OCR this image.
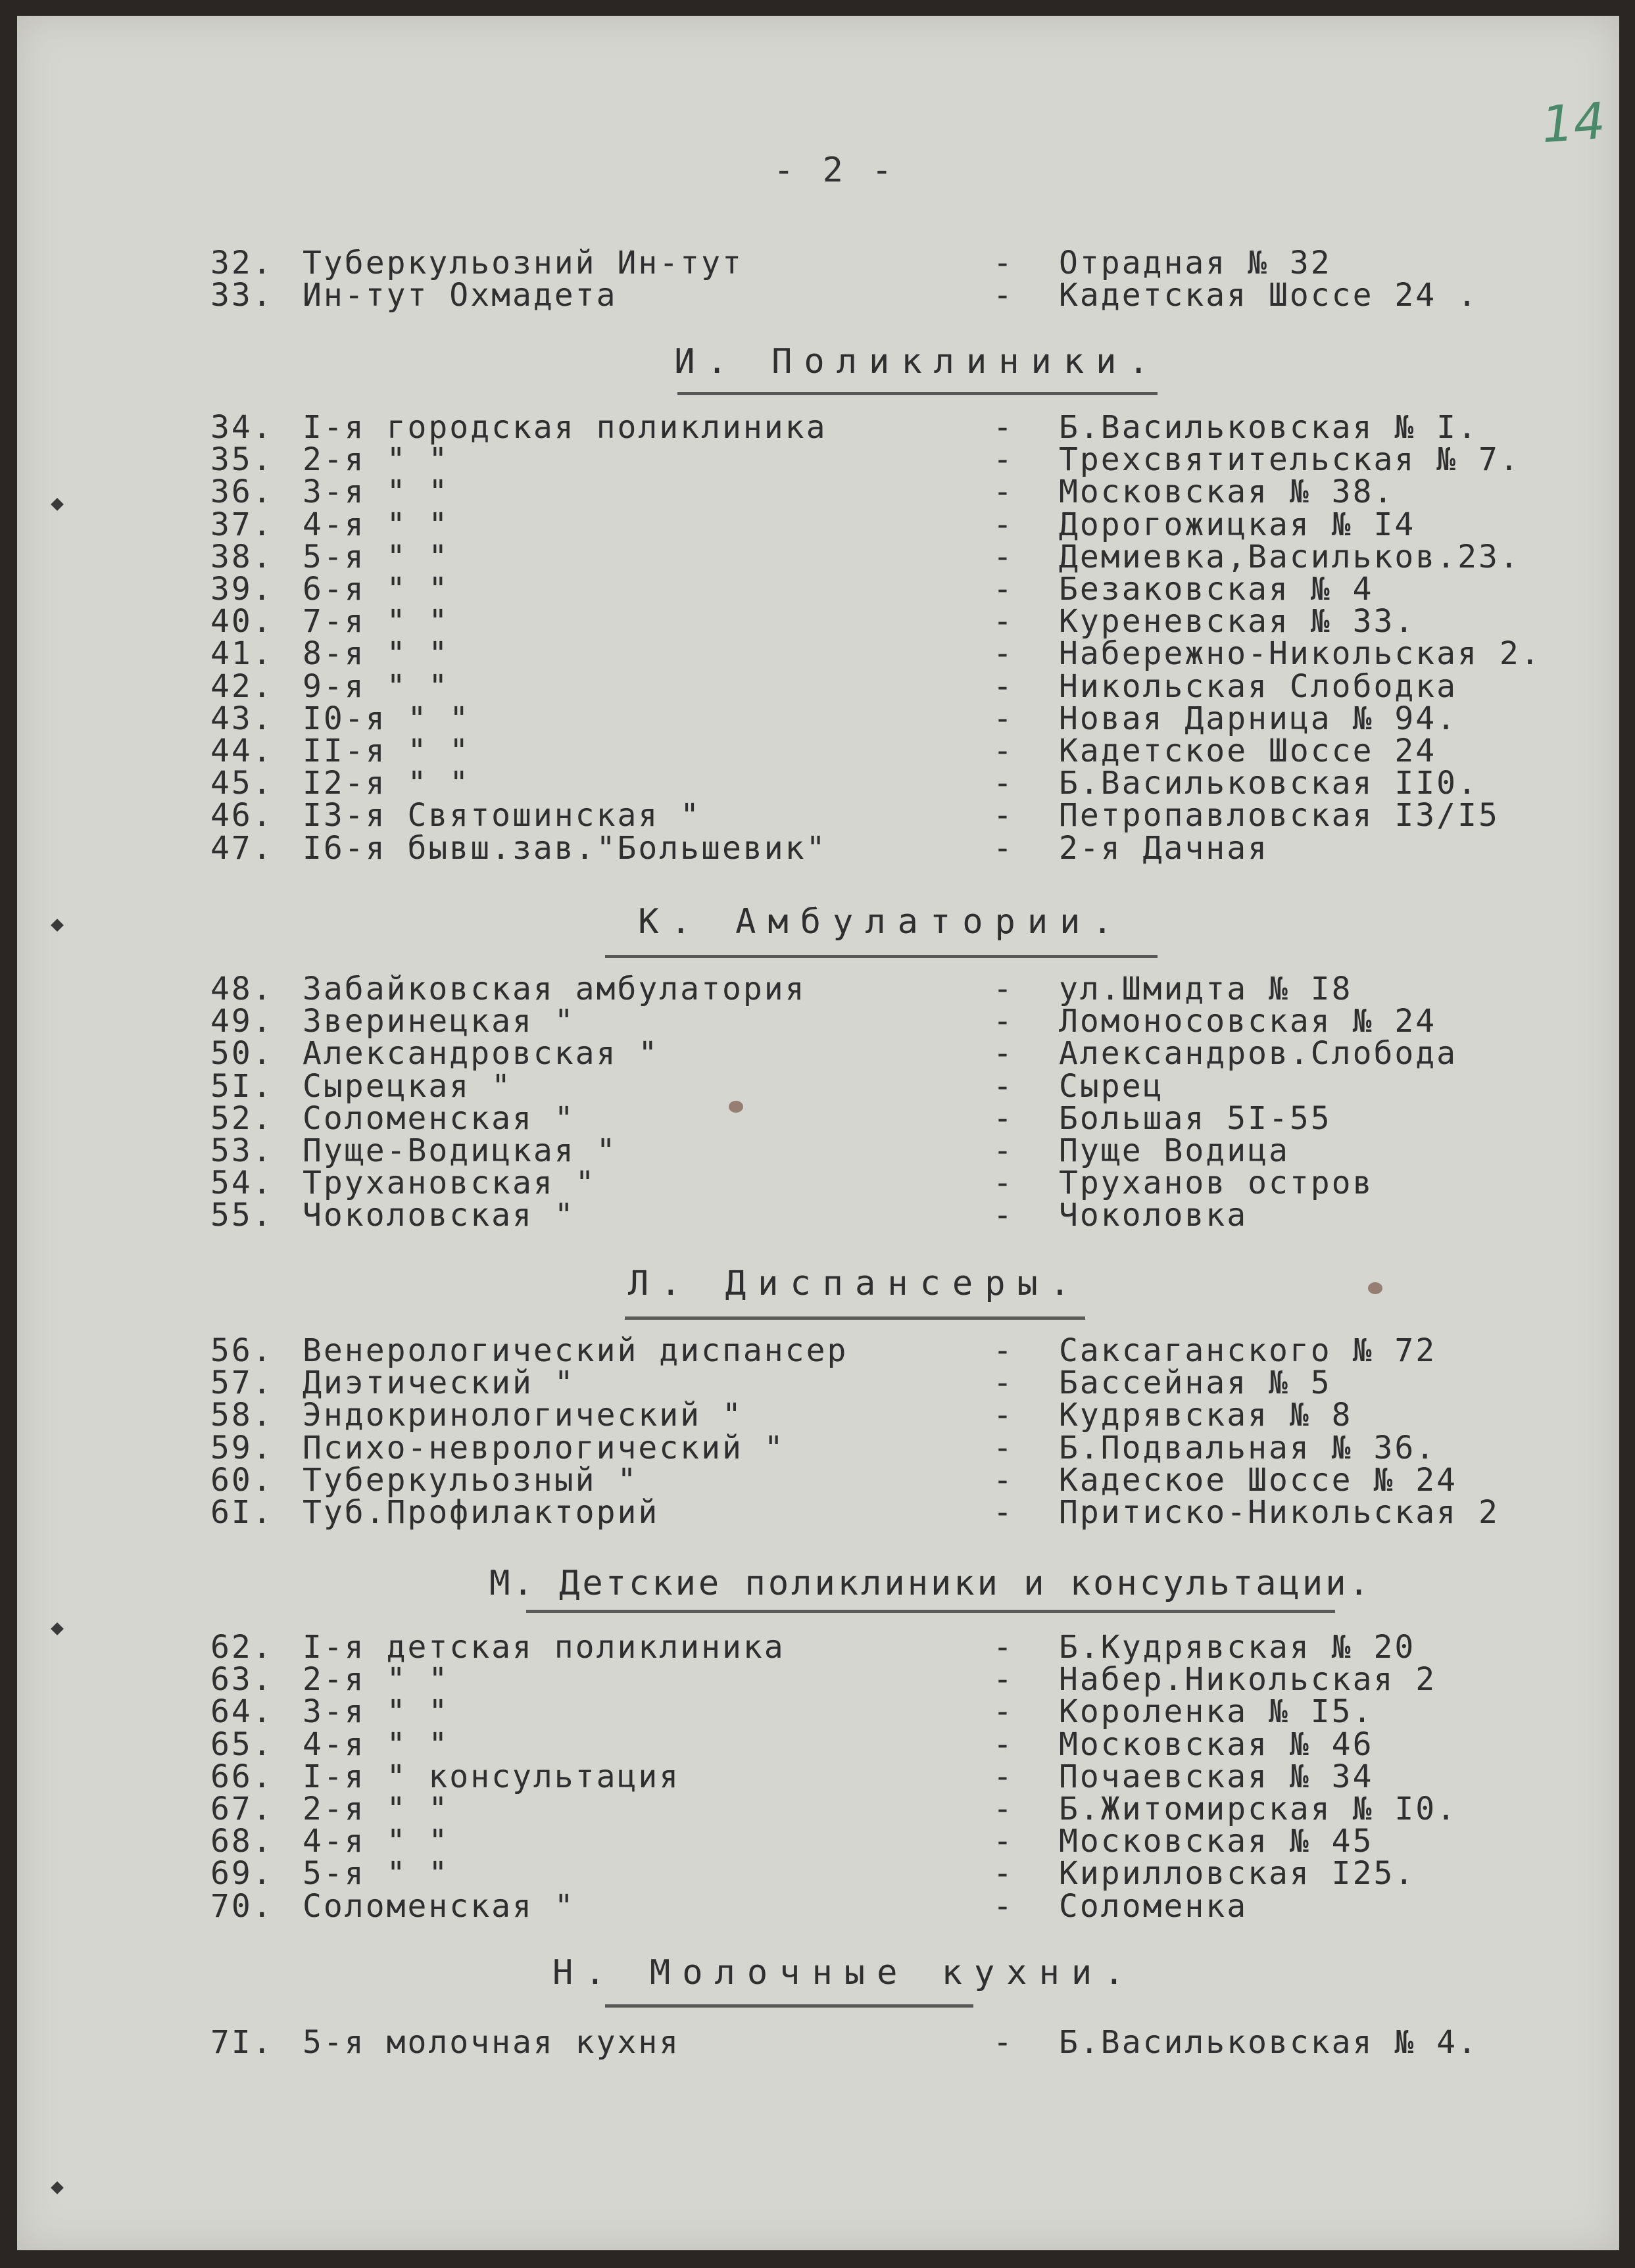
14
- 2 -
32. Туберкульозний Ин-тут	- Отрадная № 32
33. Ин-тут Охмадета	- Кадетская Шоссе 24 .
И. Поликлиники.
34. I-я городская поликлиника	- Б.Васильковская № I.
35. 2-я " "	- Трехсвятительская № 7.
36. 3-я " "	- Московская № 38.
37. 4-я " "	- Дорогожицкая № I4
38. 5-я " "	- Демиевка,Васильков.23.
39. 6-я " "	- Безаковская № 4
40. 7-я " "	- Куреневская № 33.
41. 8-я " "	- Набережно-Никольская 2.
42. 9-я " "	- Никольская Слободка
43. I0-я " "	- Новая Дарница № 94.
44. II-я " "	- Кадетское Шоссе 24
45. I2-я " "	- Б.Васильковская II0.
46. I3-я Святошинская "	- Петропавловская I3/I5
47. I6-я бывш.зав."Большевик"	- 2-я Дачная
К. Амбулатории.
48. Забайковская амбулатория	- ул.Шмидта № I8
49. Зверинецкая "	- Ломоносовская № 24
50. Александровская "	- Александров.Слобода
5I. Сырецкая "	- Сырец
52. Соломенская "	- Большая 5I-55
53. Пуще-Водицкая "	- Пуще Водица
54. Трухановская "	- Труханов остров
55. Чоколовская "	- Чоколовка
Л. Диспансеры.
56. Венерологический диспансер	- Саксаганского № 72
57. Диэтический "	- Бассейная № 5
58. Эндокринологический "	- Кудрявская № 8
59. Психо-неврологический "	- Б.Подвальная № 36.
60. Туберкульозный "	- Кадеское Шоссе № 24
6I. Туб.Профилакторий	- Притиско-Никольская 2
М. Детские поликлиники и консультации.
62. I-я детская поликлиника	- Б.Кудрявская № 20
63. 2-я " "	- Набер.Никольская 2
64. 3-я " "	- Короленка № I5.
65. 4-я " "	- Московская № 46
66. I-я " консультация	- Почаевская № 34
67. 2-я " "	- Б.Житомирская № I0.
68. 4-я " "	- Московская № 45
69. 5-я " "	- Кирилловская I25.
70. Соломенская "	- Соломенка
Н. Молочные кухни.
7I. 5-я молочная кухня	- Б.Васильковская № 4.
